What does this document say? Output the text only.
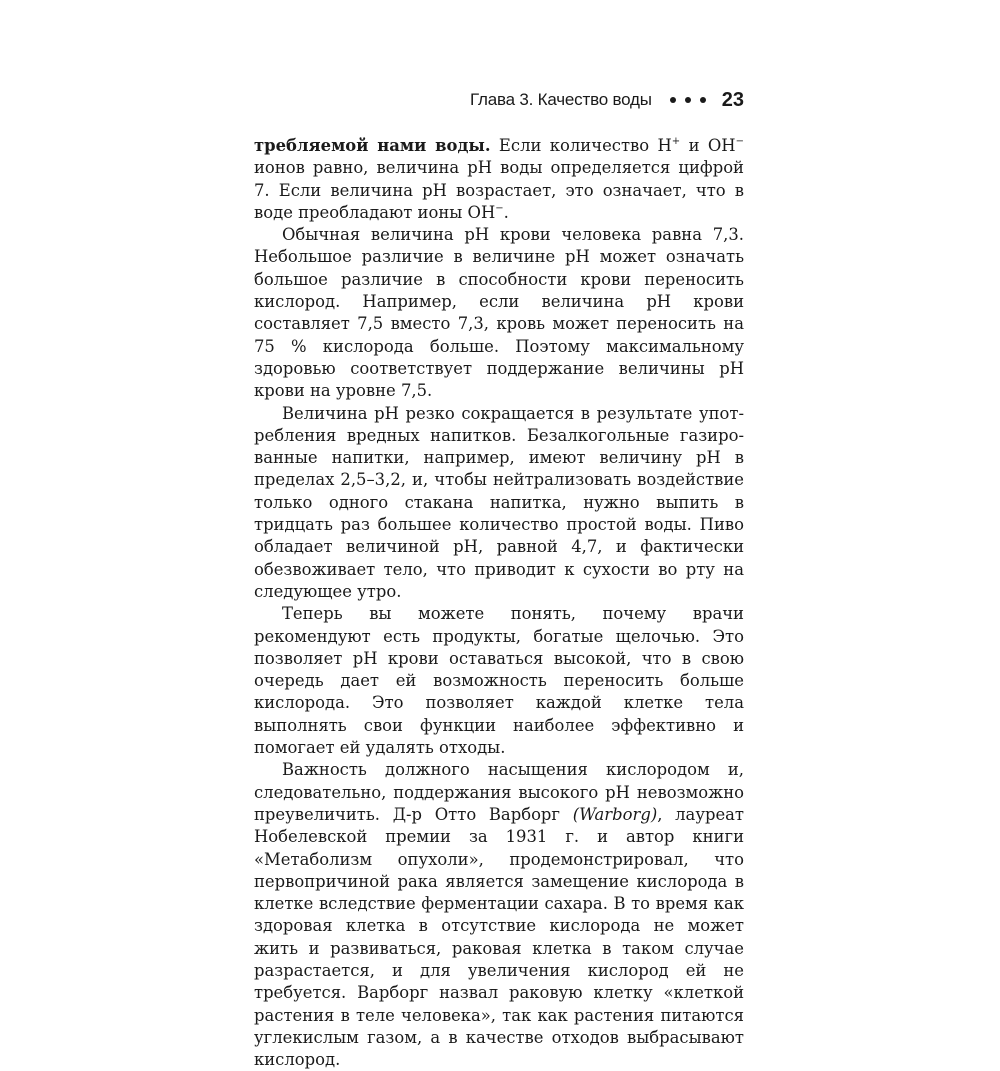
Глава 3. Качество воды	23

требляемой нами воды. Если количество H+ и OH− ионов равно, величина pH воды определяется цифрой 7. Если величина pH возрастает, это означает, что в воде преобладают ионы OH−.

Обычная величина pH крови человека равна 7,3. Небольшое различие в величине pH может означать большое различие в способности крови переносить кислород. Например, если величина pH крови составляет 7,5 вместо 7,3, кровь может переносить на 75 % кислорода больше. Поэтому максимальному здоровью соответствует поддержание величины pH крови на уровне 7,5.

Величина pH резко сокращается в результате употребления вредных напитков. Безалкогольные газированные напитки, например, имеют величину pH в пределах 2,5–3,2, и, чтобы нейтрализовать воздействие только одного стакана напитка, нужно выпить в тридцать раз большее количество простой воды. Пиво обладает величиной pH, равной 4,7, и фактически обезвоживает тело, что приводит к сухости во рту на следующее утро.

Теперь вы можете понять, почему врачи рекомендуют есть продукты, богатые щелочью. Это позволяет pH крови оставаться высокой, что в свою очередь дает ей возможность переносить больше кислорода. Это позволяет каждой клетке тела выполнять свои функции наиболее эффективно и помогает ей удалять отходы.

Важность должного насыщения кислородом и, следовательно, поддержания высокого pH невозможно преувеличить. Д-р Отто Варборг (Warborg), лауреат Нобелевской премии за 1931 г. и автор книги «Метаболизм опухоли», продемонстрировал, что первопричиной рака является замещение кислорода в клетке вследствие ферментации сахара. В то время как здоровая клетка в отсутствие кислорода не может жить и развиваться, раковая клетка в таком случае разрастается, и для увеличения кислород ей не требуется. Варборг назвал раковую клетку «клеткой растения в теле человека», так как растения питаются углекислым газом, а в качестве отходов выбрасывают кислород.
